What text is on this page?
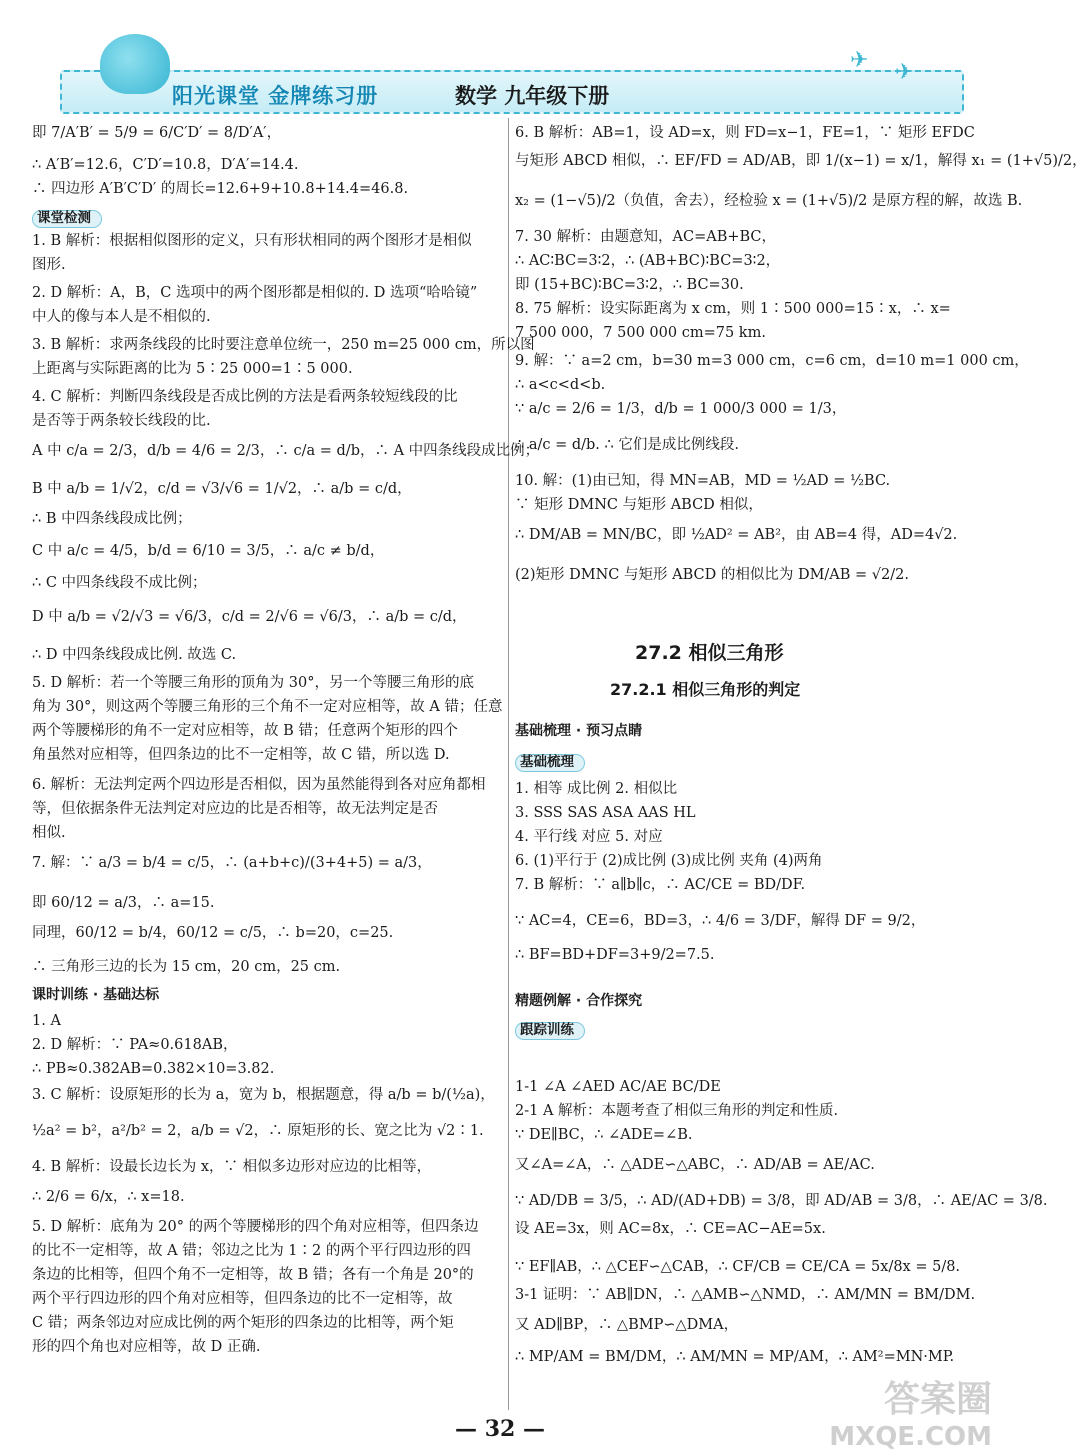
阳光课堂 金牌练习册	数学 九年级下册
✈ ✈
即 7/A′B′ = 5/9 = 6/C′D′ = 8/D′A′，
∴ A′B′=12.6，C′D′=10.8，D′A′=14.4.
∴ 四边形 A′B′C′D′ 的周长=12.6+9+10.8+14.4=46.8.
课堂检测
1. B 解析：根据相似图形的定义，只有形状相同的两个图形才是相似
图形.
2. D 解析：A，B，C 选项中的两个图形都是相似的. D 选项“哈哈镜”
中人的像与本人是不相似的.
3. B 解析：求两条线段的比时要注意单位统一，250 m=25 000 cm，所以图
上距离与实际距离的比为 5∶25 000=1∶5 000.
4. C 解析：判断四条线段是否成比例的方法是看两条较短线段的比
是否等于两条较长线段的比.
A 中 c/a = 2/3，d/b = 4/6 = 2/3，∴ c/a = d/b，∴ A 中四条线段成比例；
B 中 a/b = 1/√2，c/d = √3/√6 = 1/√2，∴ a/b = c/d，
∴ B 中四条线段成比例；
C 中 a/c = 4/5，b/d = 6/10 = 3/5，∴ a/c ≠ b/d，
∴ C 中四条线段不成比例；
D 中 a/b = √2/√3 = √6/3，c/d = 2/√6 = √6/3，∴ a/b = c/d，
∴ D 中四条线段成比例. 故选 C.
5. D 解析：若一个等腰三角形的顶角为 30°，另一个等腰三角形的底
角为 30°，则这两个等腰三角形的三个角不一定对应相等，故 A 错；任意
两个等腰梯形的角不一定对应相等，故 B 错；任意两个矩形的四个
角虽然对应相等，但四条边的比不一定相等，故 C 错，所以选 D.
6. 解析：无法判定两个四边形是否相似，因为虽然能得到各对应角都相
等，但依据条件无法判定对应边的比是否相等，故无法判定是否
相似.
7. 解：∵ a/3 = b/4 = c/5，∴ (a+b+c)/(3+4+5) = a/3，
即 60/12 = a/3，∴ a=15.
同理，60/12 = b/4，60/12 = c/5，∴ b=20，c=25.
∴ 三角形三边的长为 15 cm，20 cm，25 cm.
课时训练 · 基础达标
1. A
2. D 解析：∵ PA≈0.618AB，
∴ PB≈0.382AB=0.382×10=3.82.
3. C 解析：设原矩形的长为 a，宽为 b，根据题意，得 a/b = b/(½a)，
½a² = b²，a²/b² = 2，a/b = √2，∴ 原矩形的长、宽之比为 √2∶1.
4. B 解析：设最长边长为 x，∵ 相似多边形对应边的比相等，
∴ 2/6 = 6/x，∴ x=18.
5. D 解析：底角为 20° 的两个等腰梯形的四个角对应相等，但四条边
的比不一定相等，故 A 错；邻边之比为 1∶2 的两个平行四边形的四
条边的比相等，但四个角不一定相等，故 B 错；各有一个角是 20°的
两个平行四边形的四个角对应相等，但四条边的比不一定相等，故
C 错；两条邻边对应成比例的两个矩形的四条边的比相等，两个矩
形的四个角也对应相等，故 D 正确.
6. B 解析：AB=1，设 AD=x，则 FD=x−1，FE=1，∵ 矩形 EFDC
与矩形 ABCD 相似，∴ EF/FD = AD/AB，即 1/(x−1) = x/1，解得 x₁ = (1+√5)/2，
x₂ = (1−√5)/2（负值，舍去），经检验 x = (1+√5)/2 是原方程的解，故选 B.
7. 30 解析：由题意知，AC=AB+BC，
∴ AC∶BC=3∶2，∴ (AB+BC)∶BC=3∶2，
即 (15+BC)∶BC=3∶2，∴ BC=30.
8. 75 解析：设实际距离为 x cm，则 1∶500 000=15∶x，∴ x=
7 500 000，7 500 000 cm=75 km.
9. 解：∵ a=2 cm，b=30 m=3 000 cm，c=6 cm，d=10 m=1 000 cm，
∴ a<c<d<b.
∵ a/c = 2/6 = 1/3，d/b = 1 000/3 000 = 1/3，
∴ a/c = d/b. ∴ 它们是成比例线段.
10. 解：(1)由已知，得 MN=AB，MD = ½AD = ½BC.
∵ 矩形 DMNC 与矩形 ABCD 相似，
∴ DM/AB = MN/BC，即 ½AD² = AB²，由 AB=4 得，AD=4√2.
(2)矩形 DMNC 与矩形 ABCD 的相似比为 DM/AB = √2/2.
27.2 相似三角形
27.2.1 相似三角形的判定
基础梳理 · 预习点睛
基础梳理
1. 相等 成比例 2. 相似比
3. SSS SAS ASA AAS HL
4. 平行线 对应 5. 对应
6. (1)平行于 (2)成比例 (3)成比例 夹角 (4)两角
7. B 解析：∵ a∥b∥c，∴ AC/CE = BD/DF.
∵ AC=4，CE=6，BD=3，∴ 4/6 = 3/DF，解得 DF = 9/2，
∴ BF=BD+DF=3+9/2=7.5.
精题例解 · 合作探究
跟踪训练
1-1 ∠A ∠AED AC/AE BC/DE
2-1 A 解析：本题考查了相似三角形的判定和性质.
∵ DE∥BC，∴ ∠ADE=∠B.
又∠A=∠A，∴ △ADE∽△ABC，∴ AD/AB = AE/AC.
∵ AD/DB = 3/5，∴ AD/(AD+DB) = 3/8，即 AD/AB = 3/8，∴ AE/AC = 3/8.
设 AE=3x，则 AC=8x，∴ CE=AC−AE=5x.
∵ EF∥AB，∴ △CEF∽△CAB，∴ CF/CB = CE/CA = 5x/8x = 5/8.
3-1 证明：∵ AB∥DN，∴ △AMB∽△NMD，∴ AM/MN = BM/DM.
又 AD∥BP，∴ △BMP∽△DMA，
∴ MP/AM = BM/DM，∴ AM/MN = MP/AM，∴ AM²=MN·MP.
— 32 —
答案圈
MXQE.COM
